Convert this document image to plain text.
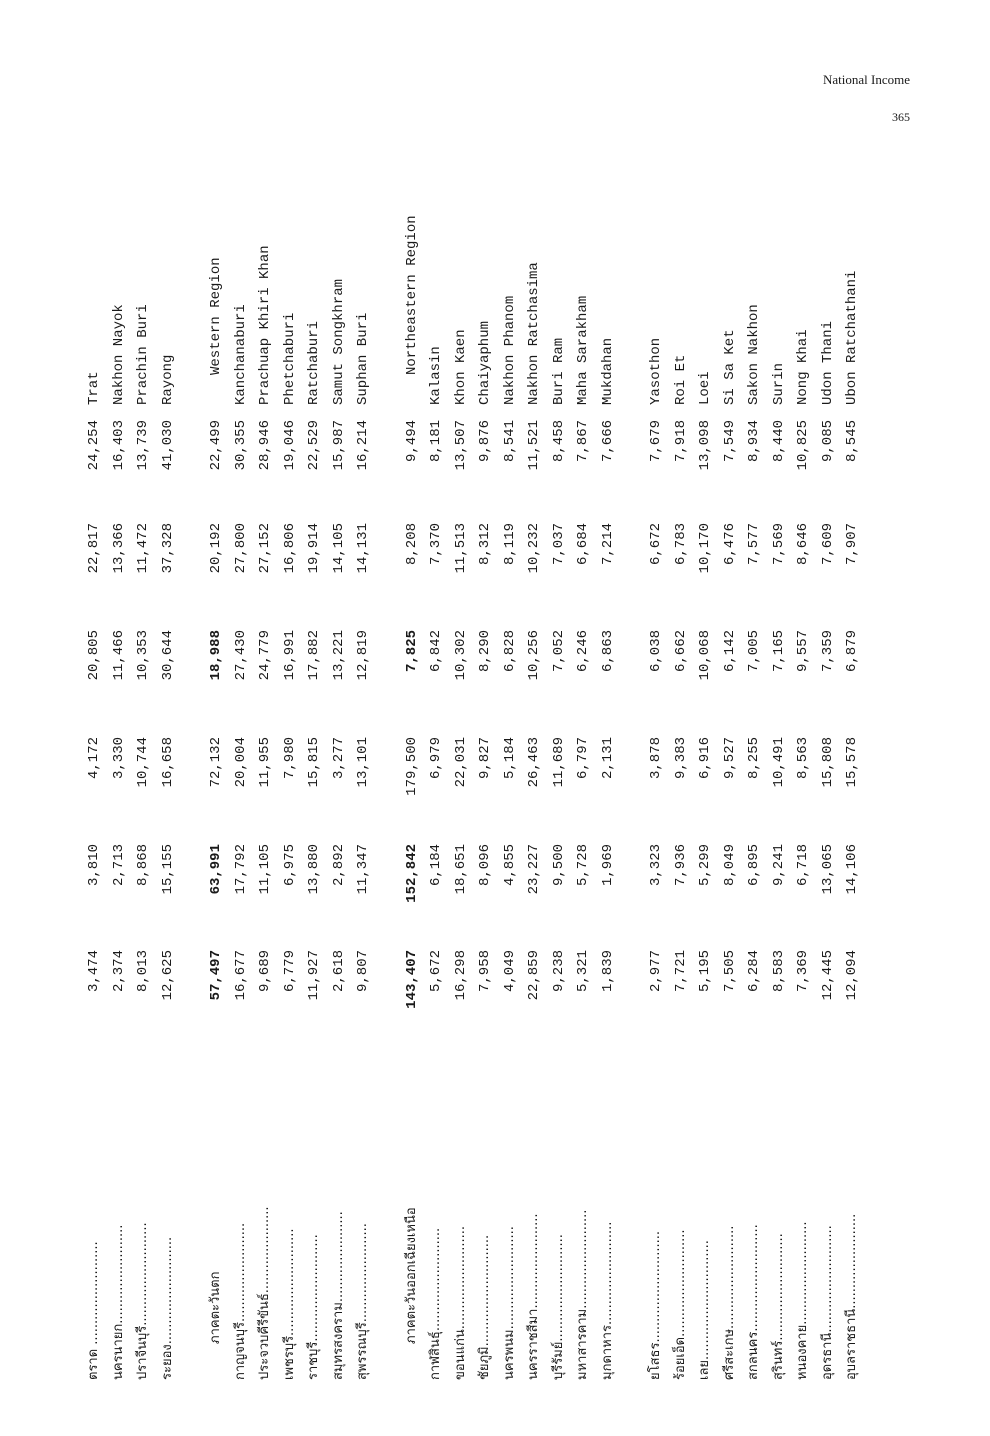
National Income
365
ตราด .........................
3,474
3,810
4,172
20,805
22,817
24,254
Trat
นครนายก........................
2,374
2,713
3,330
11,466
13,366
16,403
Nakhon Nayok
ปราจีนบุรี.........................
8,013
8,868
10,744
10,353
11,472
13,739
Prachin Buri
ระยอง..........................
12,625
15,155
16,658
30,644
37,328
41,030
Rayong
ภาคตะวันตก
57,497
63,991
72,132
18,988
20,192
22,499
Western Region
กาญจนบุรี........................
16,677
17,792
20,004
27,430
27,800
30,355
Kanchanaburi
ประจวบคีรีขันธ์.....................
9,689
11,105
11,955
24,779
27,152
28,946
Prachuap Khiri Khan
เพชรบุรี..........................
6,779
6,975
7,980
16,991
16,806
19,046
Phetchaburi
ราชบุรี..........................
11,927
13,880
15,815
17,882
19,914
22,529
Ratchaburi
สมุทรสงคราม......................
2,618
2,892
3,277
13,221
14,105
15,987
Samut Songkhram
สุพรรณบุรี........................
9,807
11,347
13,101
12,819
14,131
16,214
Suphan Buri
ภาคตะวันออกเฉียงเหนือ
143,407
152,842
179,500
7,825
8,208
9,494
Northeastern Region
กาฬสินธุ์.........................
5,672
6,184
6,979
6,842
7,370
8,181
Kalasin
ขอนแก่น.........................
16,298
18,651
22,031
10,302
11,513
13,507
Khon Kaen
ชัยภูมิ...........................
7,958
8,096
9,827
8,290
8,312
9,876
Chaiyaphum
นครพนม.........................
4,049
4,855
5,184
6,828
8,119
8,541
Nakhon Phanom
นครราชสีมา.......................
22,859
23,227
26,463
10,256
10,232
11,521
Nakhon Ratchasima
บุรีรัมย์..........................
9,238
9,500
11,689
7,052
7,037
8,458
Buri Ram
มหาสารคาม........................
5,321
5,728
6,797
6,246
6,684
7,867
Maha Sarakham
มุกดาหาร.........................
1,839
1,969
2,131
6,863
7,214
7,666
Mukdahan
ยโสธร...........................
2,977
3,323
3,878
6,038
6,672
7,679
Yasothon
ร้อยเอ็ด..........................
7,721
7,936
9,383
6,662
6,783
7,918
Roi Et
เลย.............................
5,195
5,299
6,916
10,068
10,170
13,098
Loei
ศรีสะเกษ.........................
7,505
8,049
9,527
6,142
6,476
7,549
Si Sa Ket
สกลนคร..........................
6,284
6,895
8,255
7,005
7,577
8,934
Sakon Nakhon
สุรินทร์..........................
8,583
9,241
10,491
7,165
7,569
8,440
Surin
หนองคาย.........................
7,369
6,718
8,563
9,557
8,646
10,825
Nong Khai
อุดรธานี..........................
12,445
13,065
15,808
7,359
7,609
9,085
Udon Thani
อุบลราชธานี.......................
12,094
14,106
15,578
6,879
7,907
8,545
Ubon Ratchathani
